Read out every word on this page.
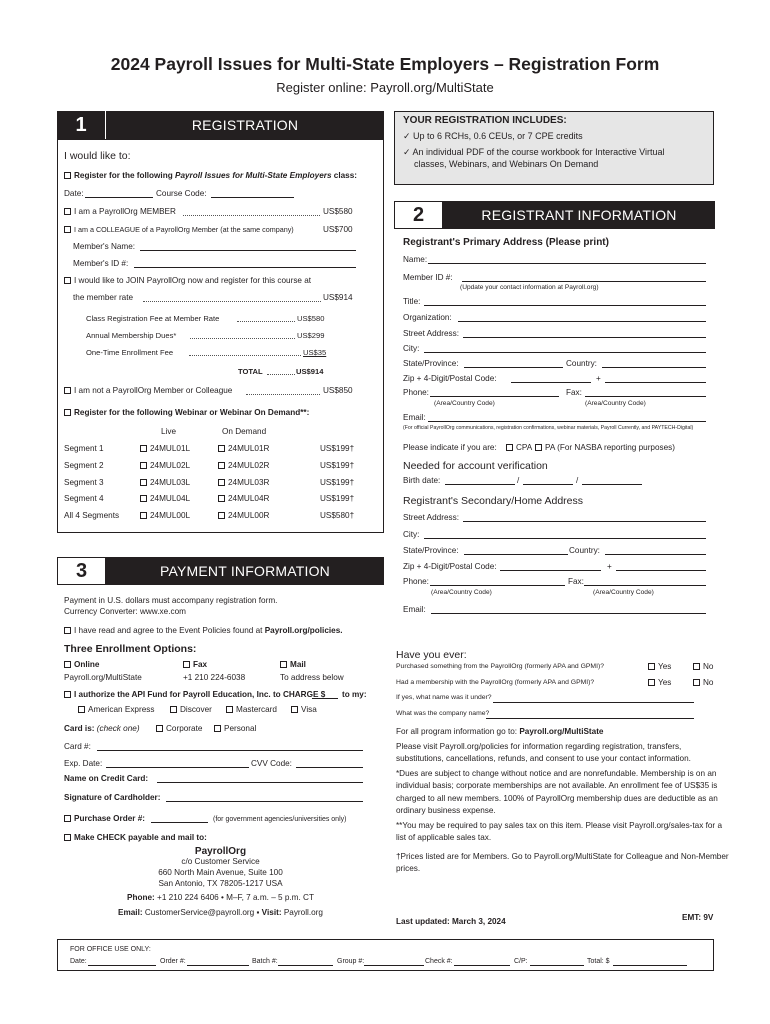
2024 Payroll Issues for Multi-State Employers – Registration Form
Register online: Payroll.org/MultiState
1	REGISTRATION
I would like to:
Register for the following Payroll Issues for Multi-State Employers class:
Date:	Course Code:
I am a PayrollOrg MEMBER	US$580
I am a COLLEAGUE of a PayrollOrg Member (at the same company)	US$700
Member's Name:
Member's ID #:
I would like to JOIN PayrollOrg now and register for this course at
the member rate	US$914
Class Registration Fee at Member Rate	US$580
Annual Membership Dues*	US$299
One-Time Enrollment Fee	US$35
TOTAL	US$914
I am not a PayrollOrg Member or Colleague	US$850
Register for the following Webinar or Webinar On Demand**:
Live	On Demand
Segment 1	24MUL01L	24MUL01R	US$199†
Segment 2	24MUL02L	24MUL02R	US$199†
Segment 3	24MUL03L	24MUL03R	US$199†
Segment 4	24MUL04L	24MUL04R	US$199†
All 4 Segments	24MUL00L	24MUL00R	US$580†
YOUR REGISTRATION INCLUDES:
✓ Up to 6 RCHs, 0.6 CEUs, or 7 CPE credits
✓ An individual PDF of the course workbook for Interactive Virtual
classes, Webinars, and Webinars On Demand
2	REGISTRANT INFORMATION
Registrant's Primary Address (Please print)
Name:
Member ID #:
(Update your contact information at Payroll.org)
Title:
Organization:
Street Address:
City:
State/Province:	Country:
Zip + 4-Digit/Postal Code:	+
Phone:	Fax:
(Area/Country Code)	(Area/Country Code)
Email:
(For official PayrollOrg communications, registration confirmations, webinar materials, Payroll Currently, and PAYTECH-Digital)
Please indicate if you are:	CPA	PA (For NASBA reporting purposes)
Needed for account verification
Birth date:	/	/
Registrant's Secondary/Home Address
Street Address:
City:
State/Province:	Country:
Zip + 4-Digit/Postal Code:	+
Phone:	Fax:
(Area/Country Code)	(Area/Country Code)
Email:
3	PAYMENT INFORMATION
Payment in U.S. dollars must accompany registration form.
Currency Converter: www.xe.com
I have read and agree to the Event Policies found at Payroll.org/policies.
Three Enrollment Options:
Online
Payroll.org/MultiState
Fax
+1 210 224-6038
Mail
To address below
I authorize the API Fund for Payroll Education, Inc. to CHARGE $ to my:
American Express	Discover	Mastercard	Visa
Card is: (check one)	Corporate	Personal
Card #:
Exp. Date:	CVV Code:
Name on Credit Card:
Signature of Cardholder:
Purchase Order #:	(for government agencies/universities only)
Make CHECK payable and mail to:
PayrollOrg
c/o Customer Service
660 North Main Avenue, Suite 100
San Antonio, TX 78205-1217 USA
Phone: +1 210 224 6406 • M–F, 7 a.m. – 5 p.m. CT
Email: CustomerService@payroll.org ▪ Visit: Payroll.org
Have you ever:
Purchased something from the PayrollOrg (formerly APA and GPMI)?	Yes	No
Had a membership with the PayrollOrg (formerly APA and GPMI)?	Yes	No
If yes, what name was it under?
What was the company name?
For all program information go to: Payroll.org/MultiState
Please visit Payroll.org/policies for information regarding registration, transfers,
substitutions, cancellations, refunds, and consent to use your contact information.
*Dues are subject to change without notice and are nonrefundable. Membership is on an
individual basis; corporate memberships are not available. An enrollment fee of US$35 is
charged to all new members. 100% of PayrollOrg membership dues are deductible as an
ordinary business expense.
**You may be required to pay sales tax on this item. Please visit Payroll.org/sales-tax for a
list of applicable sales tax.
†Prices listed are for Members. Go to Payroll.org/MultiState for Colleague and Non-Member
prices.
Last updated: March 3, 2024	EMT: 9V
FOR OFFICE USE ONLY:
Date:	Order #:	Batch #:	Group #:	Check #:	C/P:	Total: $
